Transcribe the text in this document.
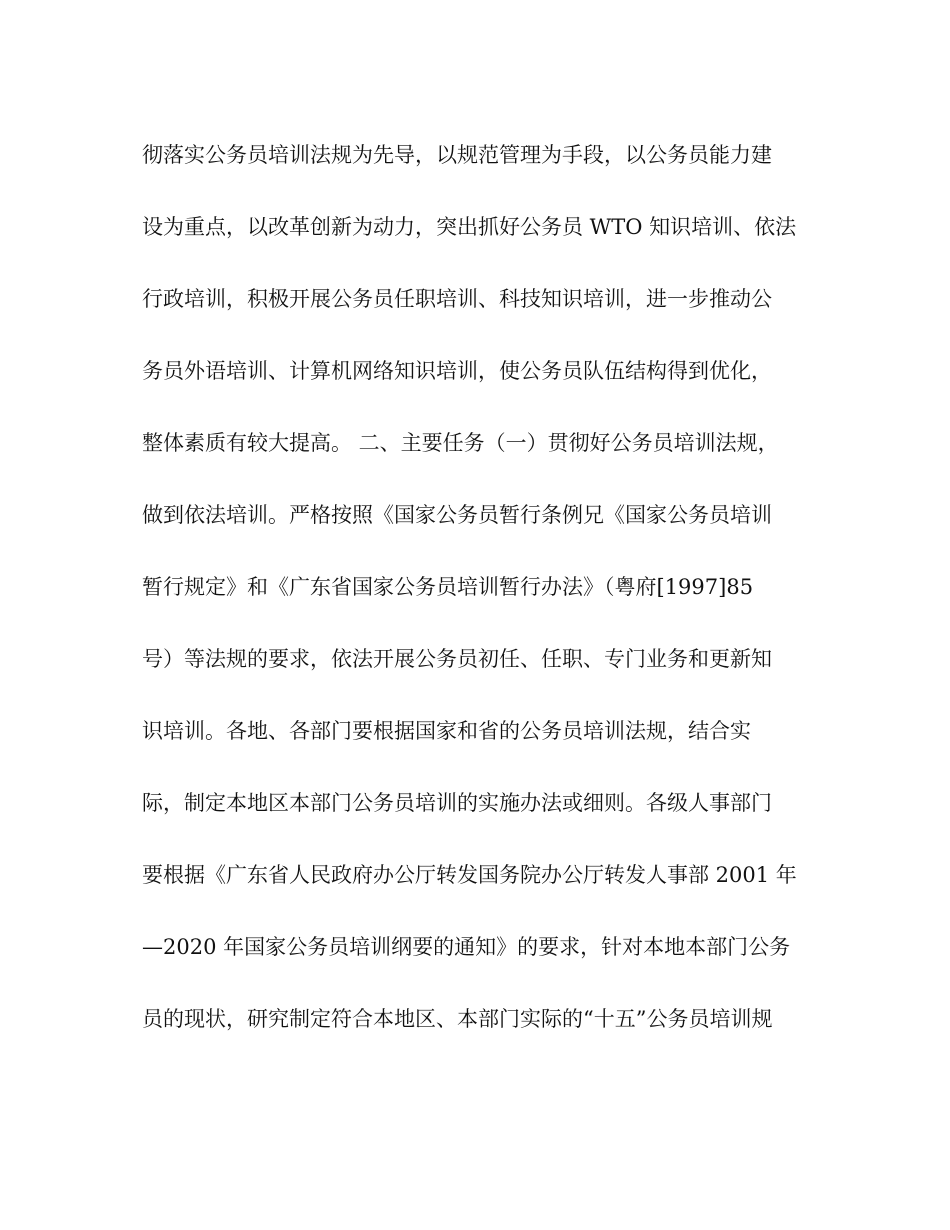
彻落实公务员培训法规为先导，以规范管理为手段，以公务员能力建

设为重点，以改革创新为动力，突出抓好公务员 WTO 知识培训、依法

行政培训，积极开展公务员任职培训、科技知识培训，进一步推动公

务员外语培训、计算机网络知识培训，使公务员队伍结构得到优化，

整体素质有较大提高。 二、主要任务（一）贯彻好公务员培训法规，

做到依法培训。严格按照《国家公务员暂行条例兄《国家公务员培训

暂行规定》和《广东省国家公务员培训暂行办法》（粤府[1997]85

号）等法规的要求，依法开展公务员初任、任职、专门业务和更新知

识培训。各地、各部门要根据国家和省的公务员培训法规，结合实

际，制定本地区本部门公务员培训的实施办法或细则。各级人事部门

要根据《广东省人民政府办公厅转发国务院办公厅转发人事部 2001 年

—2020 年国家公务员培训纲要的通知》的要求，针对本地本部门公务

员的现状，研究制定符合本地区、本部门实际的“十五”公务员培训规
